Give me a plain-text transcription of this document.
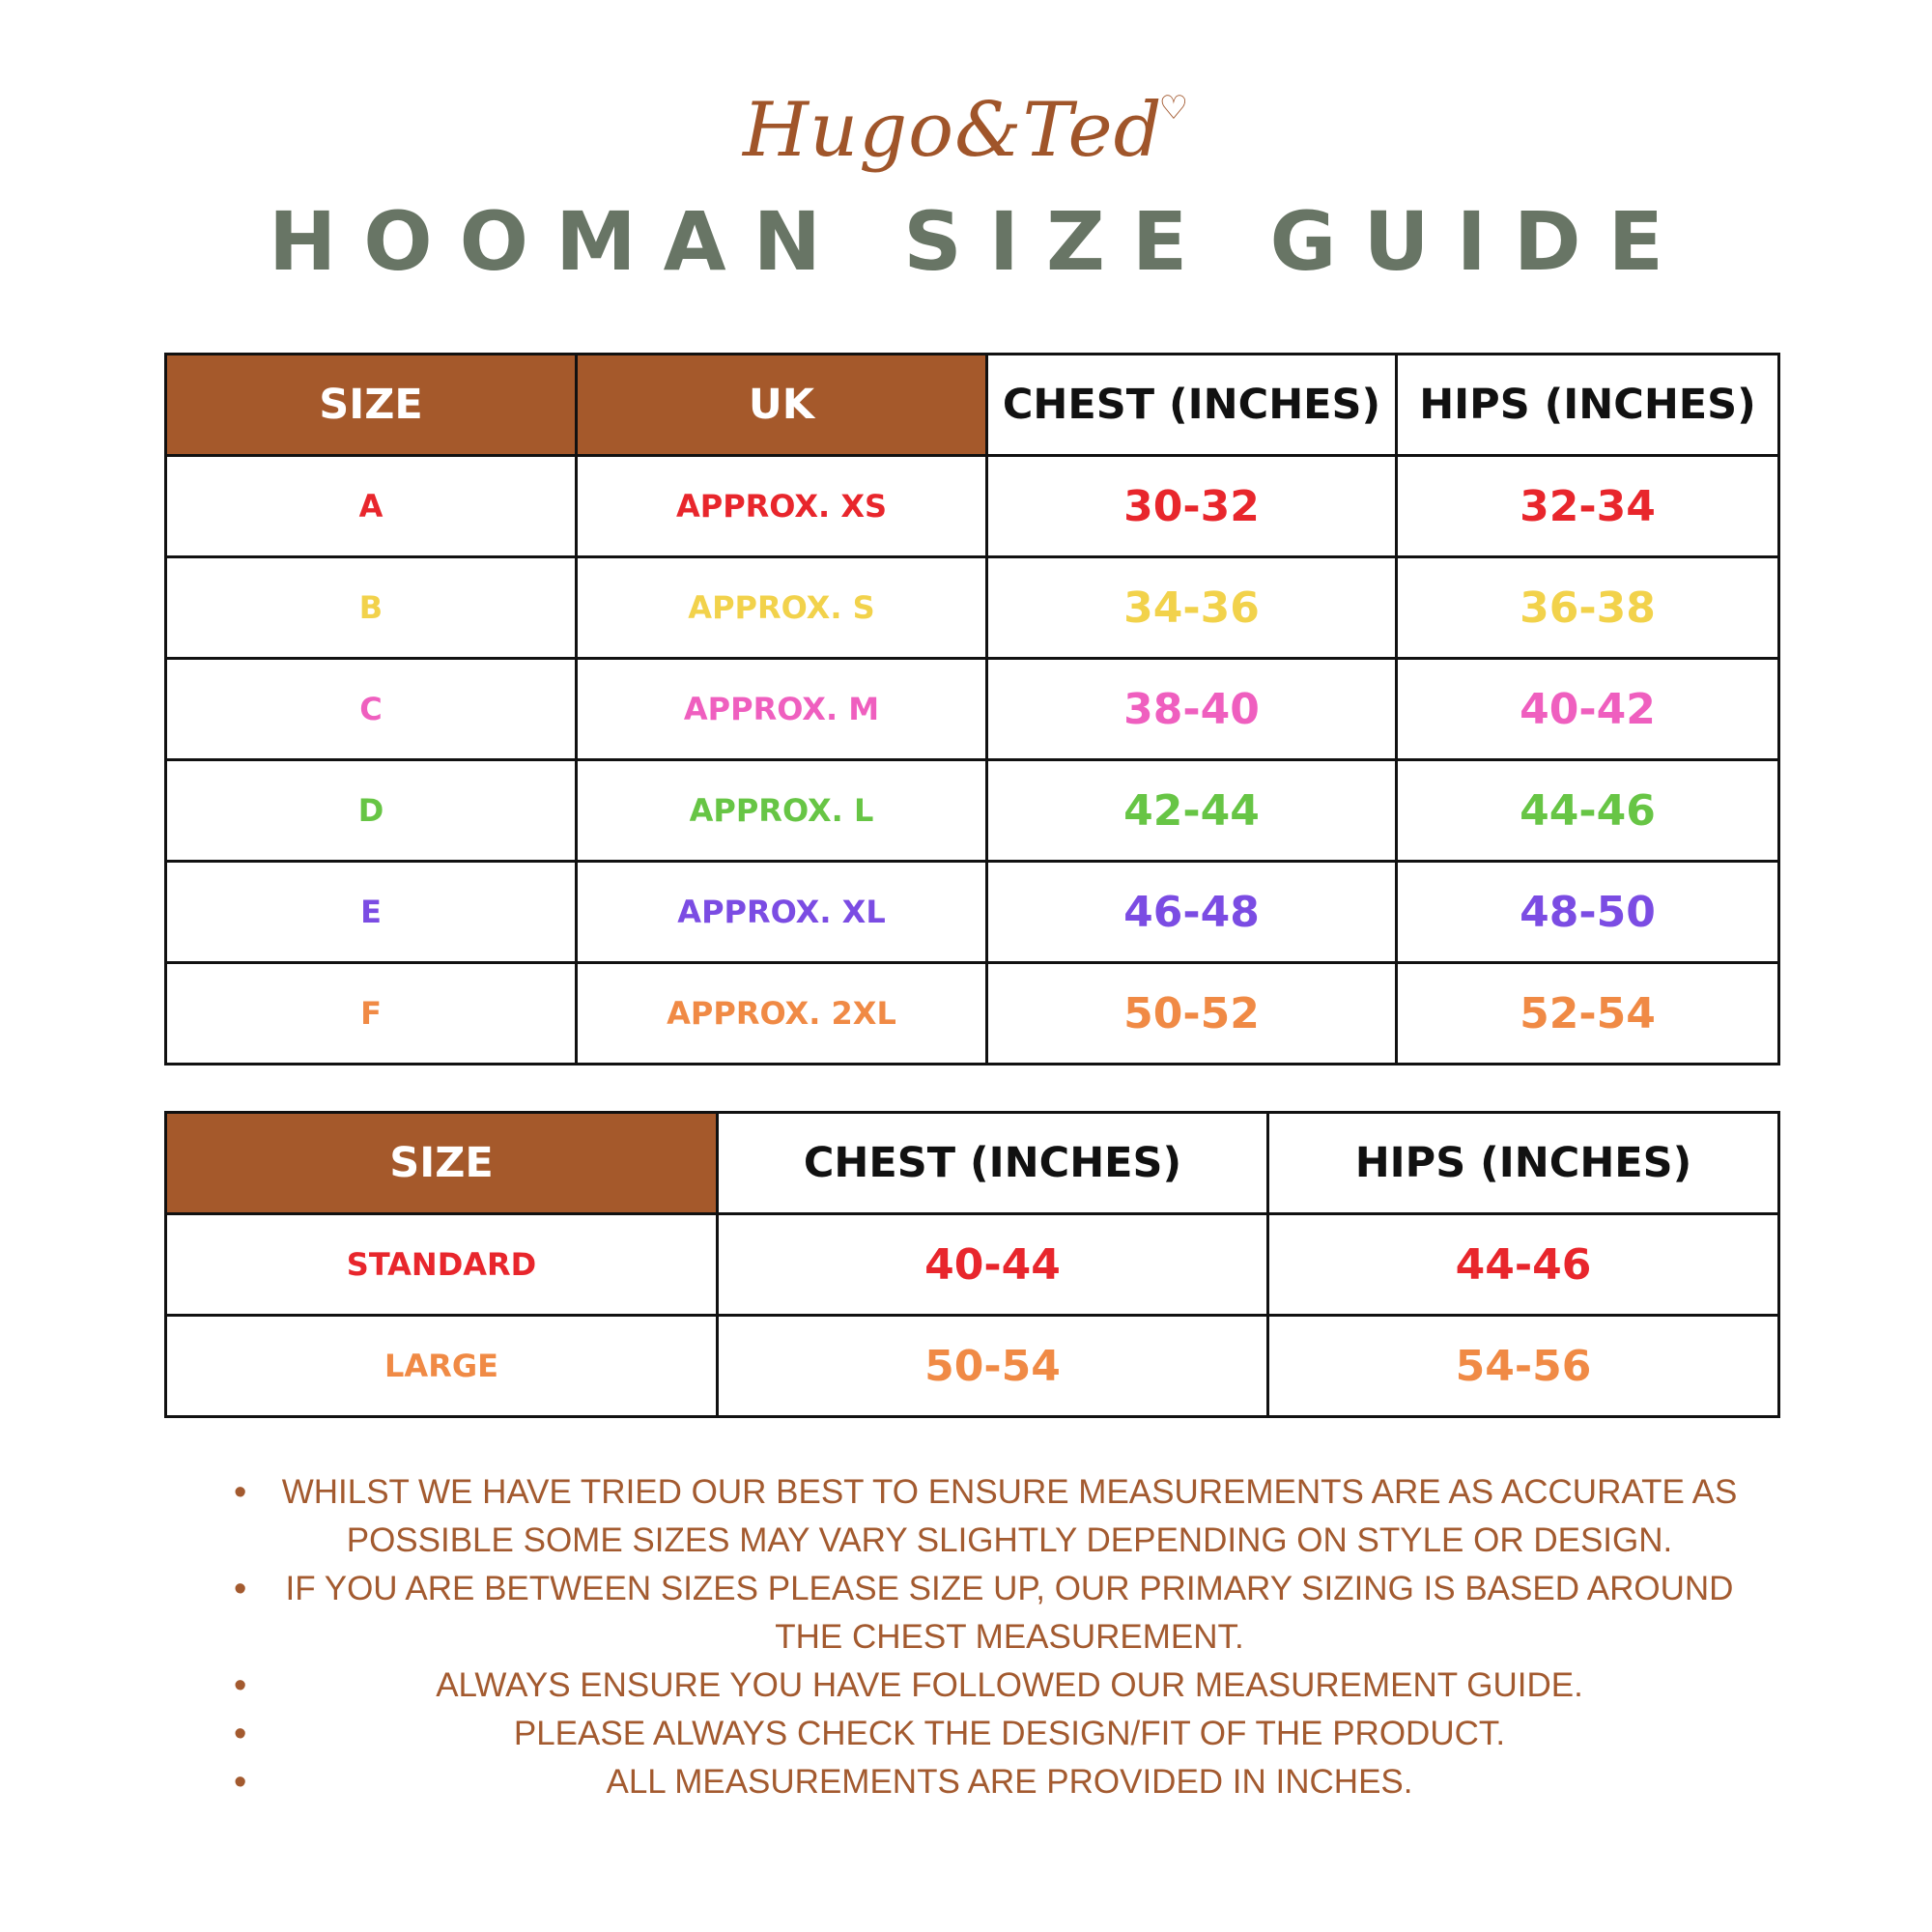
Hugo&Ted♡
HOOMAN SIZE GUIDE
SIZE	UK	CHEST (INCHES)	HIPS (INCHES)
A	APPROX. XS	30-32	32-34
B	APPROX. S	34-36	36-38
C	APPROX. M	38-40	40-42
D	APPROX. L	42-44	44-46
E	APPROX. XL	46-48	48-50
F	APPROX. 2XL	50-52	52-54
SIZE	CHEST (INCHES)	HIPS (INCHES)
STANDARD	40-44	44-46
LARGE	50-54	54-56
• WHILST WE HAVE TRIED OUR BEST TO ENSURE MEASUREMENTS ARE AS ACCURATE AS POSSIBLE SOME SIZES MAY VARY SLIGHTLY DEPENDING ON STYLE OR DESIGN.
• IF YOU ARE BETWEEN SIZES PLEASE SIZE UP, OUR PRIMARY SIZING IS BASED AROUND THE CHEST MEASUREMENT.
•	ALWAYS ENSURE YOU HAVE FOLLOWED OUR MEASUREMENT GUIDE.
•	PLEASE ALWAYS CHECK THE DESIGN/FIT OF THE PRODUCT.
•	ALL MEASUREMENTS ARE PROVIDED IN INCHES.
